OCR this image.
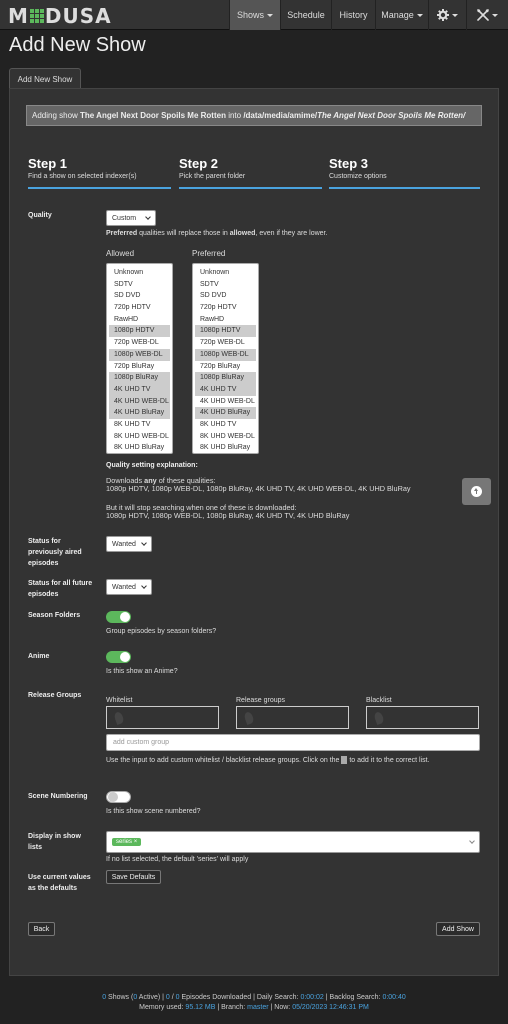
M DUSA	Shows	Schedule History Manage
Add New Show
Add New Show
Adding show The Angel Next Door Spoils Me Rotten into /data/media/amime/The Angel Next Door Spoils Me Rotten/
Step 1
Find a show on selected indexer(s)
Step 2
Pick the parent folder
Step 3
Customize options
Quality	Custom
Preferred qualities will replace those in allowed, even if they are lower.
Allowed	Preferred
Unknown
SDTV
SD DVD
720p HDTV
RawHD
1080p HDTV
720p WEB-DL
1080p WEB-DL
720p BluRay
1080p BluRay
4K UHD TV
4K UHD WEB-DL
4K UHD BluRay
8K UHD TV
8K UHD WEB-DL
8K UHD BluRay
Unknown
SDTV
SD DVD
720p HDTV
RawHD
1080p HDTV
720p WEB-DL
1080p WEB-DL
720p BluRay
1080p BluRay
4K UHD TV
4K UHD WEB-DL
4K UHD BluRay
8K UHD TV
8K UHD WEB-DL
8K UHD BluRay
Quality setting explanation:
Downloads any of these qualities:
1080p HDTV, 1080p WEB-DL, 1080p BluRay, 4K UHD TV, 4K UHD WEB-DL, 4K UHD BluRay
But it will stop searching when one of these is downloaded:
1080p HDTV, 1080p WEB-DL, 1080p BluRay, 4K UHD TV, 4K UHD BluRay
Status for previously aired episodes
Wanted
Status for all future episodes
Wanted
Season Folders
Group episodes by season folders?
Anime
Is this show an Anime?
Release Groups
Whitelist	Release groups	Blacklist
add custom group
Use the input to add custom whitelist / blacklist release groups. Click on the  to add it to the correct list.
Scene Numbering
Is this show scene numbered?
Display in show lists
series
×
If no list selected, the default 'series' will apply
Use current values as the defaults
Save Defaults
Back	Add Show
0 Shows (0 Active) | 0 / 0 Episodes Downloaded | Daily Search: 0:00:02 | Backlog Search: 0:00:40
Memory used: 95.12 MB | Branch: master | Now: 05/20/2023 12:46:31 PM
